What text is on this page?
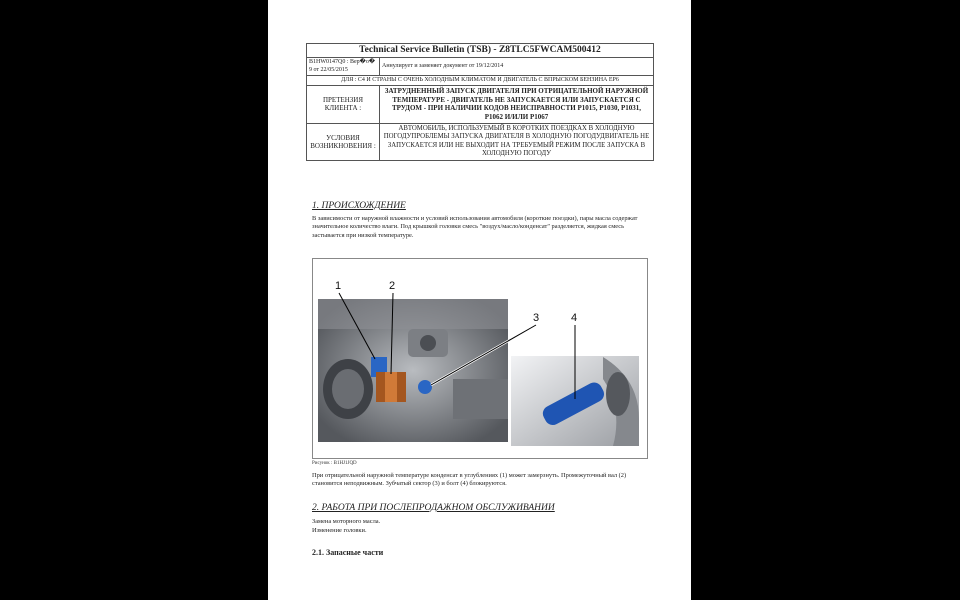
Technical Service Bulletin (TSB) - Z8TLC5FWCAM500412	
B1HW0147Q0 : Вер�o� 9 от 22/05/2015	Аннулирует и заменяет документ от 19/12/2014
ДЛЯ : C4 И СТРАНЫ С ОЧЕНЬ ХОЛОДНЫМ КЛИМАТОМ И ДВИГАТЕЛЬ С ВПРЫСКОМ БЕНЗИНА EP6	
ПРЕТЕНЗИЯ КЛИЕНТА :	ЗАТРУДНЕННЫЙ ЗАПУСК ДВИГАТЕЛЯ ПРИ ОТРИЦАТЕЛЬНОЙ НАРУЖНОЙ ТЕМПЕРАТУРЕ - ДВИГАТЕЛЬ НЕ ЗАПУСКАЕТСЯ ИЛИ ЗАПУСКАЕТСЯ С ТРУДОМ - ПРИ НАЛИЧИИ КОДОВ НЕИСПРАВНОСТИ P1015, P1030, P1031, P1062 И/ИЛИ P1067
УСЛОВИЯ ВОЗНИКНОВЕНИЯ :	АВТОМОБИЛЬ, ИСПОЛЬЗУЕМЫЙ В КОРОТКИХ ПОЕЗДКАХ В ХОЛОДНУЮ ПОГОДУПРОБЛЕМЫ ЗАПУСКА ДВИГАТЕЛЯ В ХОЛОДНУЮ ПОГОДУДВИГАТЕЛЬ НЕ ЗАПУСКАЕТСЯ ИЛИ НЕ ВЫХОДИТ НА ТРЕБУЕМЫЙ РЕЖИМ ПОСЛЕ ЗАПУСКА В ХОЛОДНУЮ ПОГОДУ
1. ПРОИСХОЖДЕНИЕ

В зависимости от наружной влажности и условий использования автомобиля (короткие поездки), пары масла содержат значительное количество влаги. Под крышкой головки смесь "воздух/масло/конденсат" разделяется, жидкая смесь застывается при низкой температуре.

1	2
3	4
Рисунок : B1HJ1JQD

При отрицательной наружной температуре конденсат в углублениях (1) может замерзнуть. Промежуточный вал (2) становится неподвижным. Зубчатый сектор (3) и болт (4) блокируются.

2. РАБОТА ПРИ ПОСЛЕПРОДАЖНОМ ОБСЛУЖИВАНИИ

Замена моторного масла.

Изменение головки.

2.1. Запасные части
